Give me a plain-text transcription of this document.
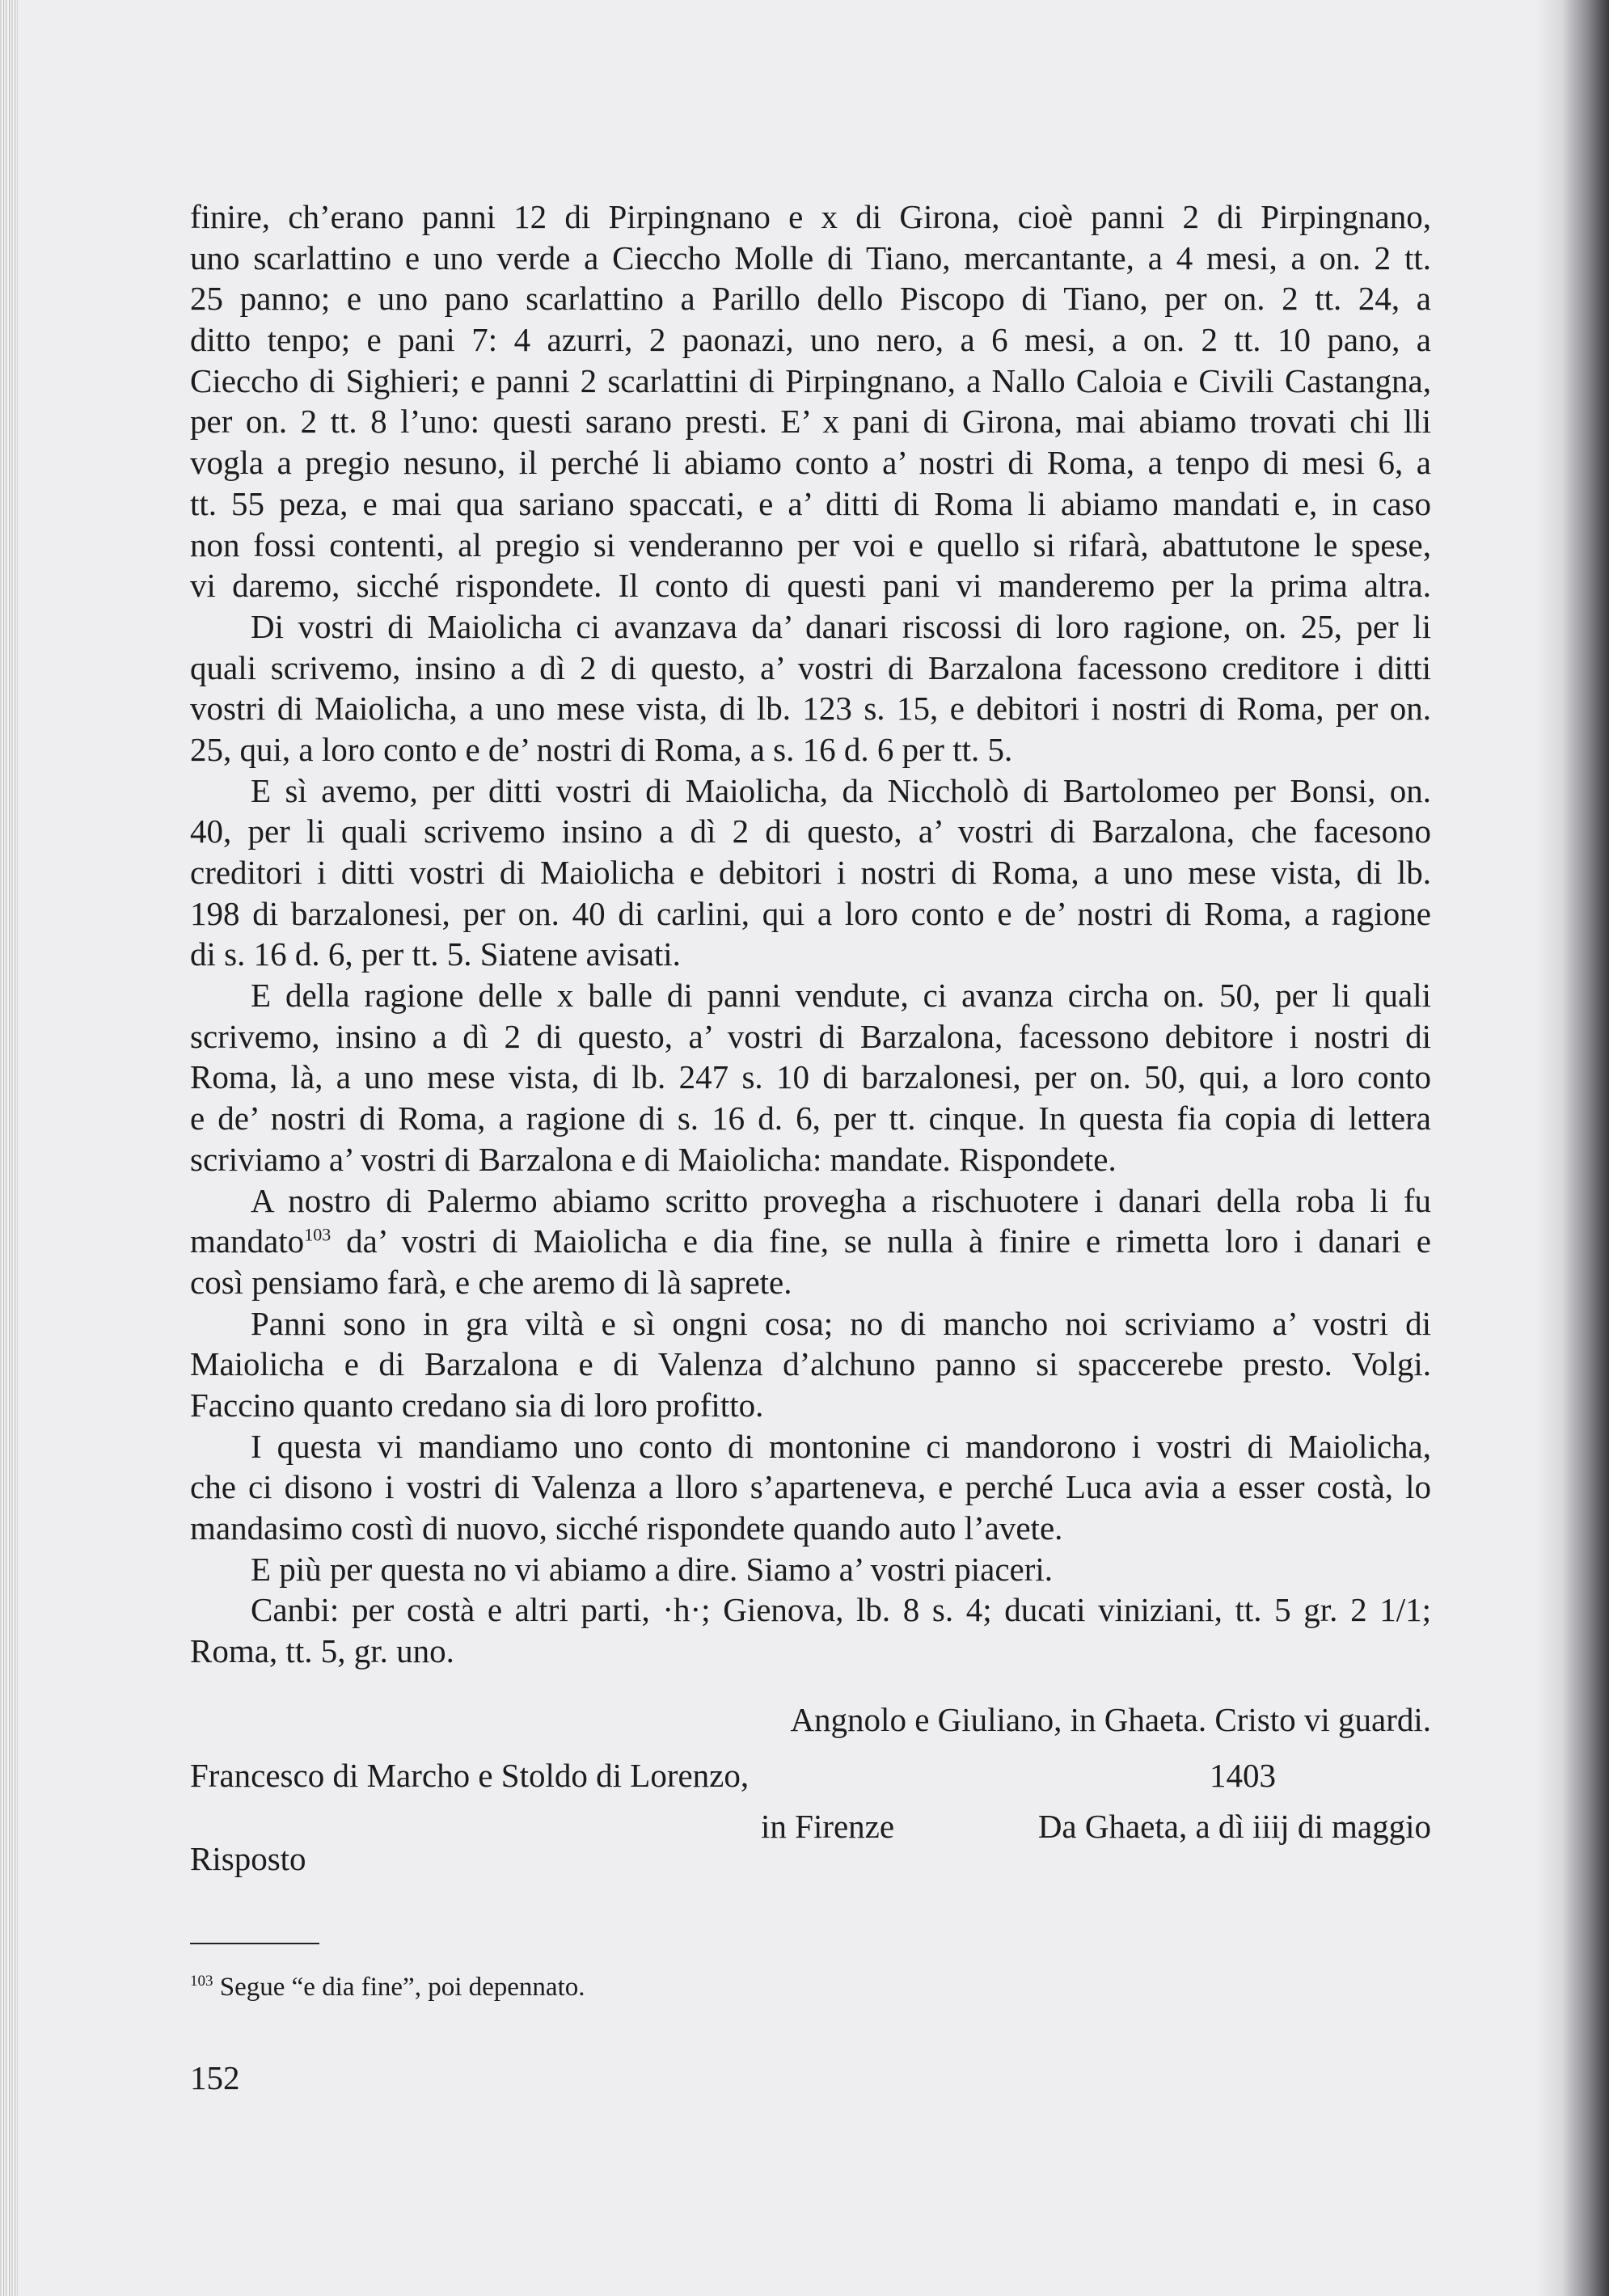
finire, ch’erano panni 12 di Pirpingnano e x di Girona, cioè panni 2 di Pirpingnano,
uno scarlattino e uno verde a Ciecchо Molle di Tiano, mercantante, a 4 mesi, a on. 2 tt.
25 panno; e uno pano scarlattino a Parillo dello Piscopo di Tiano, per on. 2 tt. 24, a
ditto tenpo; e pani 7: 4 azurri, 2 paonazi, uno nero, a 6 mesi, a on. 2 tt. 10 pano, a
Ciecchо di Sighieri; e panni 2 scarlattini di Pirpingnano, a Nallo Caloia e Civili Castangna,
per on. 2 tt. 8 l’uno: questi sarano presti. E’ x pani di Girona, mai abiamo trovati chi lli
vogla a pregio nesuno, il perché li abiamo conto a’ nostri di Roma, a tenpo di mesi 6, a
tt. 55 peza, e mai qua sariano spaccati, e a’ ditti di Roma li abiamo mandati e, in caso
non fossi contenti, al pregio si venderanno per voi e quello si rifarà, abattutone le spese,
vi daremo, sicché rispondete. Il conto di questi pani vi manderemo per la prima altra.
Di vostri di Maiolicha ci avanzava da’ danari riscossi di loro ragione, on. 25, per li
quali scrivemo, insino a dì 2 di questo, a’ vostri di Barzalona facessono creditore i ditti
vostri di Maiolicha, a uno mese vista, di lb. 123 s. 15, e debitori i nostri di Roma, per on.
25, qui, a loro conto e de’ nostri di Roma, a s. 16 d. 6 per tt. 5.
E sì avemo, per ditti vostri di Maiolicha, da Nicchоlò di Bartolomeo per Bonsi, on.
40, per li quali scrivemo insino a dì 2 di questo, a’ vostri di Barzalona, che facesono
creditori i ditti vostri di Maiolicha e debitori i nostri di Roma, a uno mese vista, di lb.
198 di barzalonesi, per on. 40 di carlini, qui a loro conto e de’ nostri di Roma, a ragione
di s. 16 d. 6, per tt. 5. Siatene avisati.
E della ragione delle x balle di panni vendute, ci avanza circha on. 50, per li quali
scrivemo, insino a dì 2 di questo, a’ vostri di Barzalona, facessono debitore i nostri di
Roma, là, a uno mese vista, di lb. 247 s. 10 di barzalonesi, per on. 50, qui, a loro conto
e de’ nostri di Roma, a ragione di s. 16 d. 6, per tt. cinque. In questa fia copia di lettera
scriviamo a’ vostri di Barzalona e di Maiolicha: mandate. Rispondete.
A nostro di Palermo abiamo scritto provegha a rischuotere i danari della roba li fu
mandato$^{103}$ da’ vostri di Maiolicha e dia fine, se nulla à finire e rimetta loro i danari e
così pensiamo farà, e che aremo di là saprete.
Panni sono in gra viltà e sì ongni cosa; no di mancho noi scriviamo a’ vostri di
Maiolicha e di Barzalona e di Valenza d’alchuno panno si spaccerebe presto. Volgi.
Faccino quanto credano sia di loro profitto.
I questa vi mandiamo uno conto di montonine ci mandorono i vostri di Maiolicha,
che ci disono i vostri di Valenza a lloro s’aparteneva, e perché Luca avia a esser costà, lo
mandasimo costì di nuovo, sicché rispondete quando auto l’avete.
E più per questa no vi abiamo a dire. Siamo a’ vostri piaceri.
Canbi: per costà e altri parti, ·h·; Gienova, lb. 8 s. 4; ducati viniziani, tt. 5 gr. 2 1/1;
Roma, tt. 5, gr. uno.
Angnolo e Giuliano, in Ghaeta. Cristo vi guardi.
Francesco di Marcho e Stoldo di Lorenzo,	1403
in Firenze	Da Ghaeta, a dì iiij di maggio
Risposto
$^{103}$ Segue “e dia fine”, poi depennato.
152
